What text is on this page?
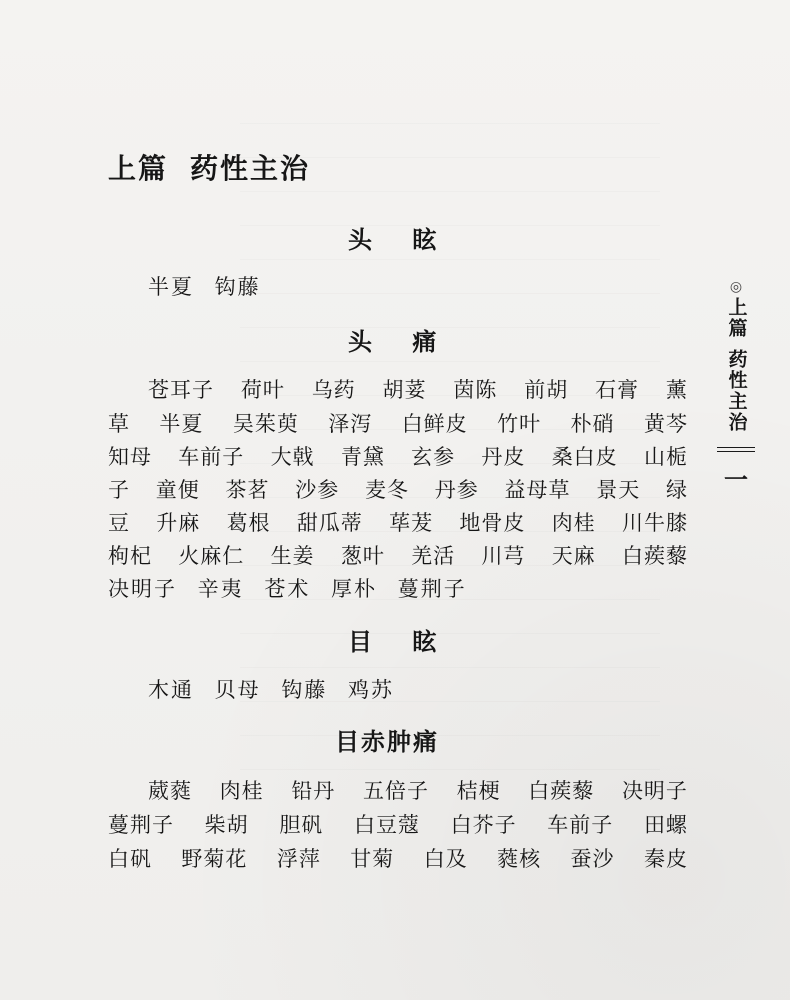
上篇 药性主治
头 眩

半夏 钩藤

头 痛

苍耳子 荷叶 乌药 胡荽 茵陈 前胡 石膏 薰

草 半夏 吴茱萸 泽泻 白鲜皮 竹叶 朴硝 黄芩

知母 车前子 大戟 青黛 玄参 丹皮 桑白皮 山栀

子 童便 茶茗 沙参 麦冬 丹参 益母草 景天 绿

豆 升麻 葛根 甜瓜蒂 荜茇 地骨皮 肉桂 川牛膝

枸杞 火麻仁 生姜 葱叶 羌活 川芎 天麻 白蒺藜

决明子 辛夷 苍术 厚朴 蔓荆子

目 眩

木通 贝母 钩藤 鸡苏

目赤肿痛

葳蕤 肉桂 铅丹 五倍子 桔梗 白蒺藜 决明子

蔓荆子 柴胡 胆矾 白豆蔻 白芥子 车前子 田螺

白矾 野菊花 浮萍 甘菊 白及 蕤核 蚕沙 秦皮

◎
上篇
药性主治
一
